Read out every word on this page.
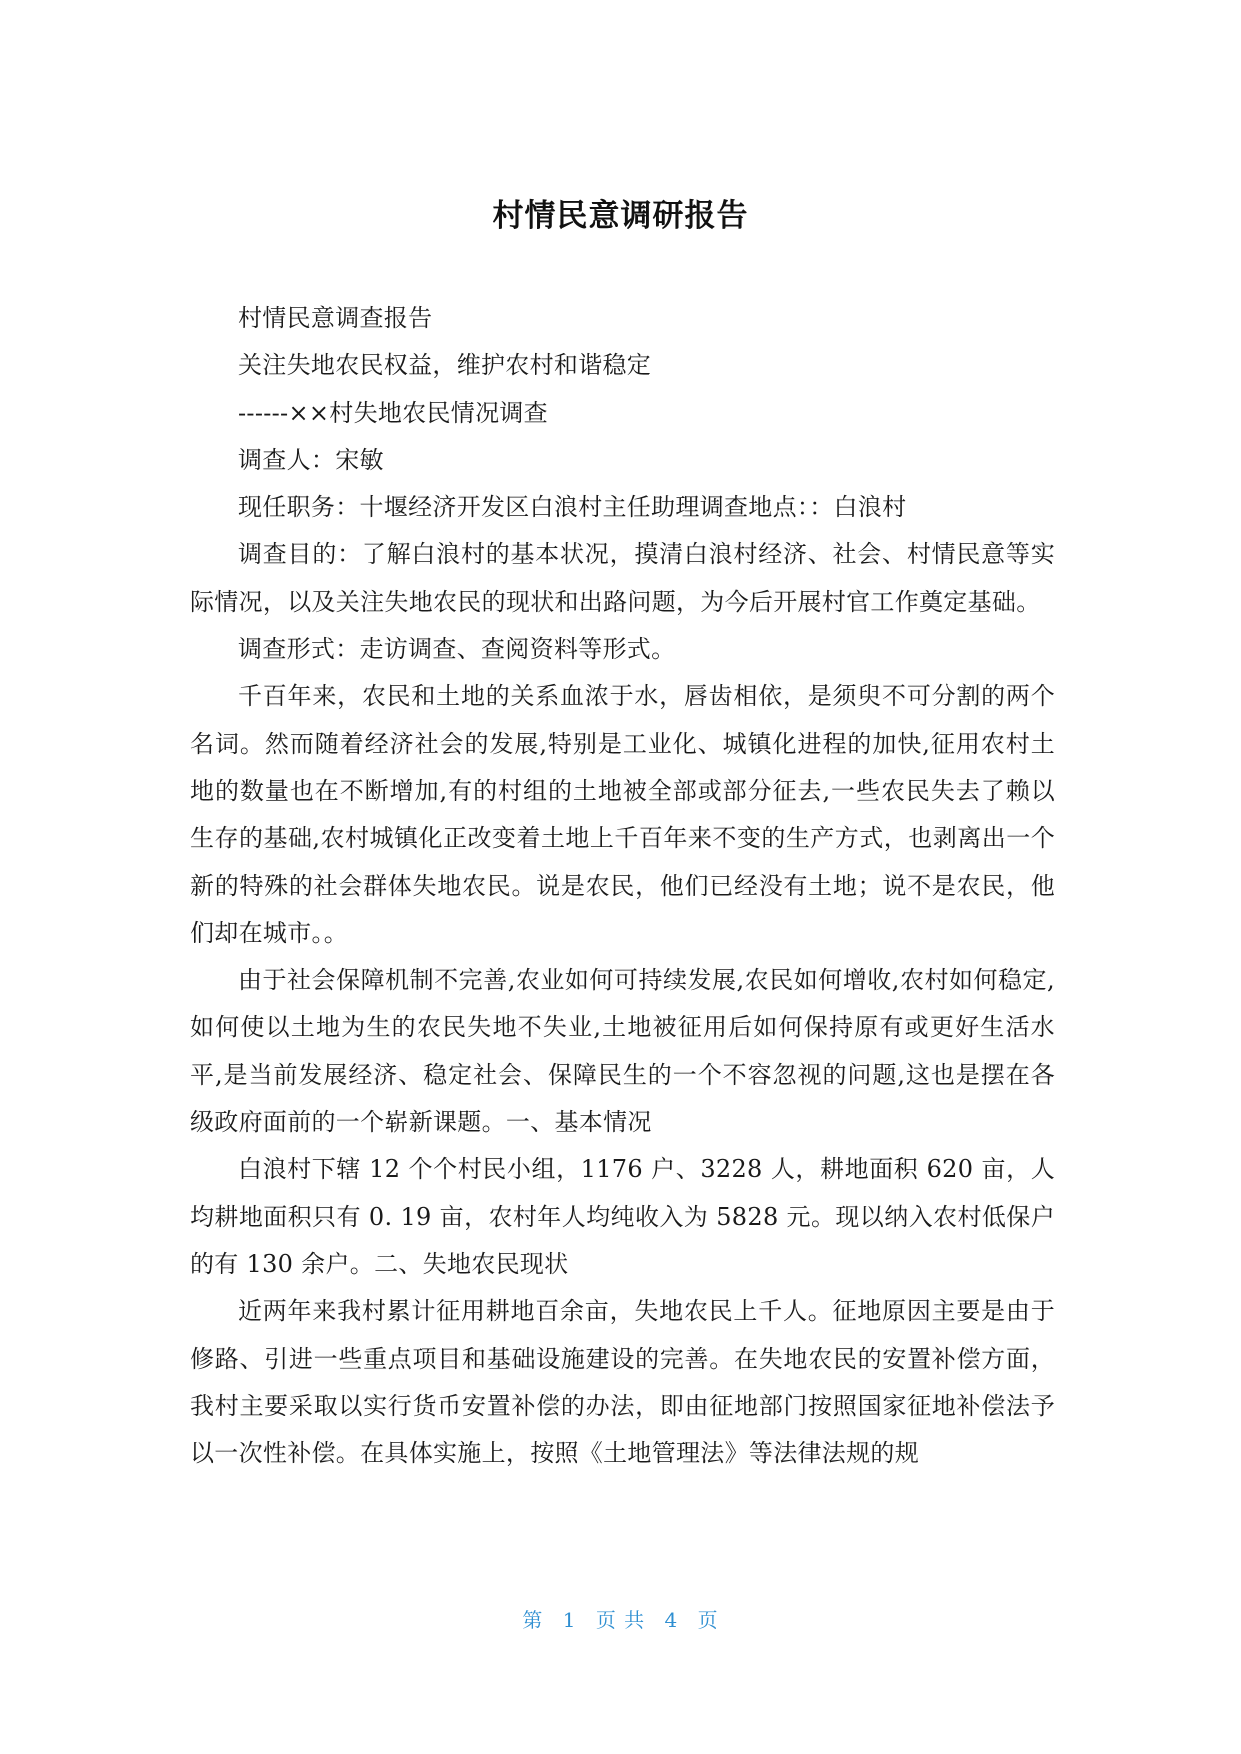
村情民意调研报告

村情民意调查报告

关注失地农民权益，维护农村和谐稳定

------××村失地农民情况调查

调查人：宋敏

现任职务：十堰经济开发区白浪村主任助理调查地点：：白浪村

调查目的：了解白浪村的基本状况，摸清白浪村经济、社会、村情民意等实际情况，以及关注失地农民的现状和出路问题，为今后开展村官工作奠定基础。

调查形式：走访调查、查阅资料等形式。

千百年来，农民和土地的关系血浓于水，唇齿相依，是须臾不可分割的两个名词。然而随着经济社会的发展,特别是工业化、城镇化进程的加快,征用农村土地的数量也在不断增加,有的村组的土地被全部或部分征去,一些农民失去了赖以生存的基础,农村城镇化正改变着土地上千百年来不变的生产方式，也剥离出一个新的特殊的社会群体失地农民。说是农民，他们已经没有土地；说不是农民，他们却在城市。。

由于社会保障机制不完善,农业如何可持续发展,农民如何增收,农村如何稳定,如何使以土地为生的农民失地不失业,土地被征用后如何保持原有或更好生活水平,是当前发展经济、稳定社会、保障民生的一个不容忽视的问题,这也是摆在各级政府面前的一个崭新课题。一、基本情况

白浪村下辖 12 个个村民小组，1176 户、3228 人，耕地面积 620 亩，人均耕地面积只有 0. 19 亩，农村年人均纯收入为 5828 元。现以纳入农村低保户的有 130 余户。二、失地农民现状

近两年来我村累计征用耕地百余亩，失地农民上千人。征地原因主要是由于修路、引进一些重点项目和基础设施建设的完善。在失地农民的安置补偿方面，我村主要采取以实行货币安置补偿的办法，即由征地部门按照国家征地补偿法予以一次性补偿。在具体实施上，按照《土地管理法》等法律法规的规

第 1 页 共 4 页
